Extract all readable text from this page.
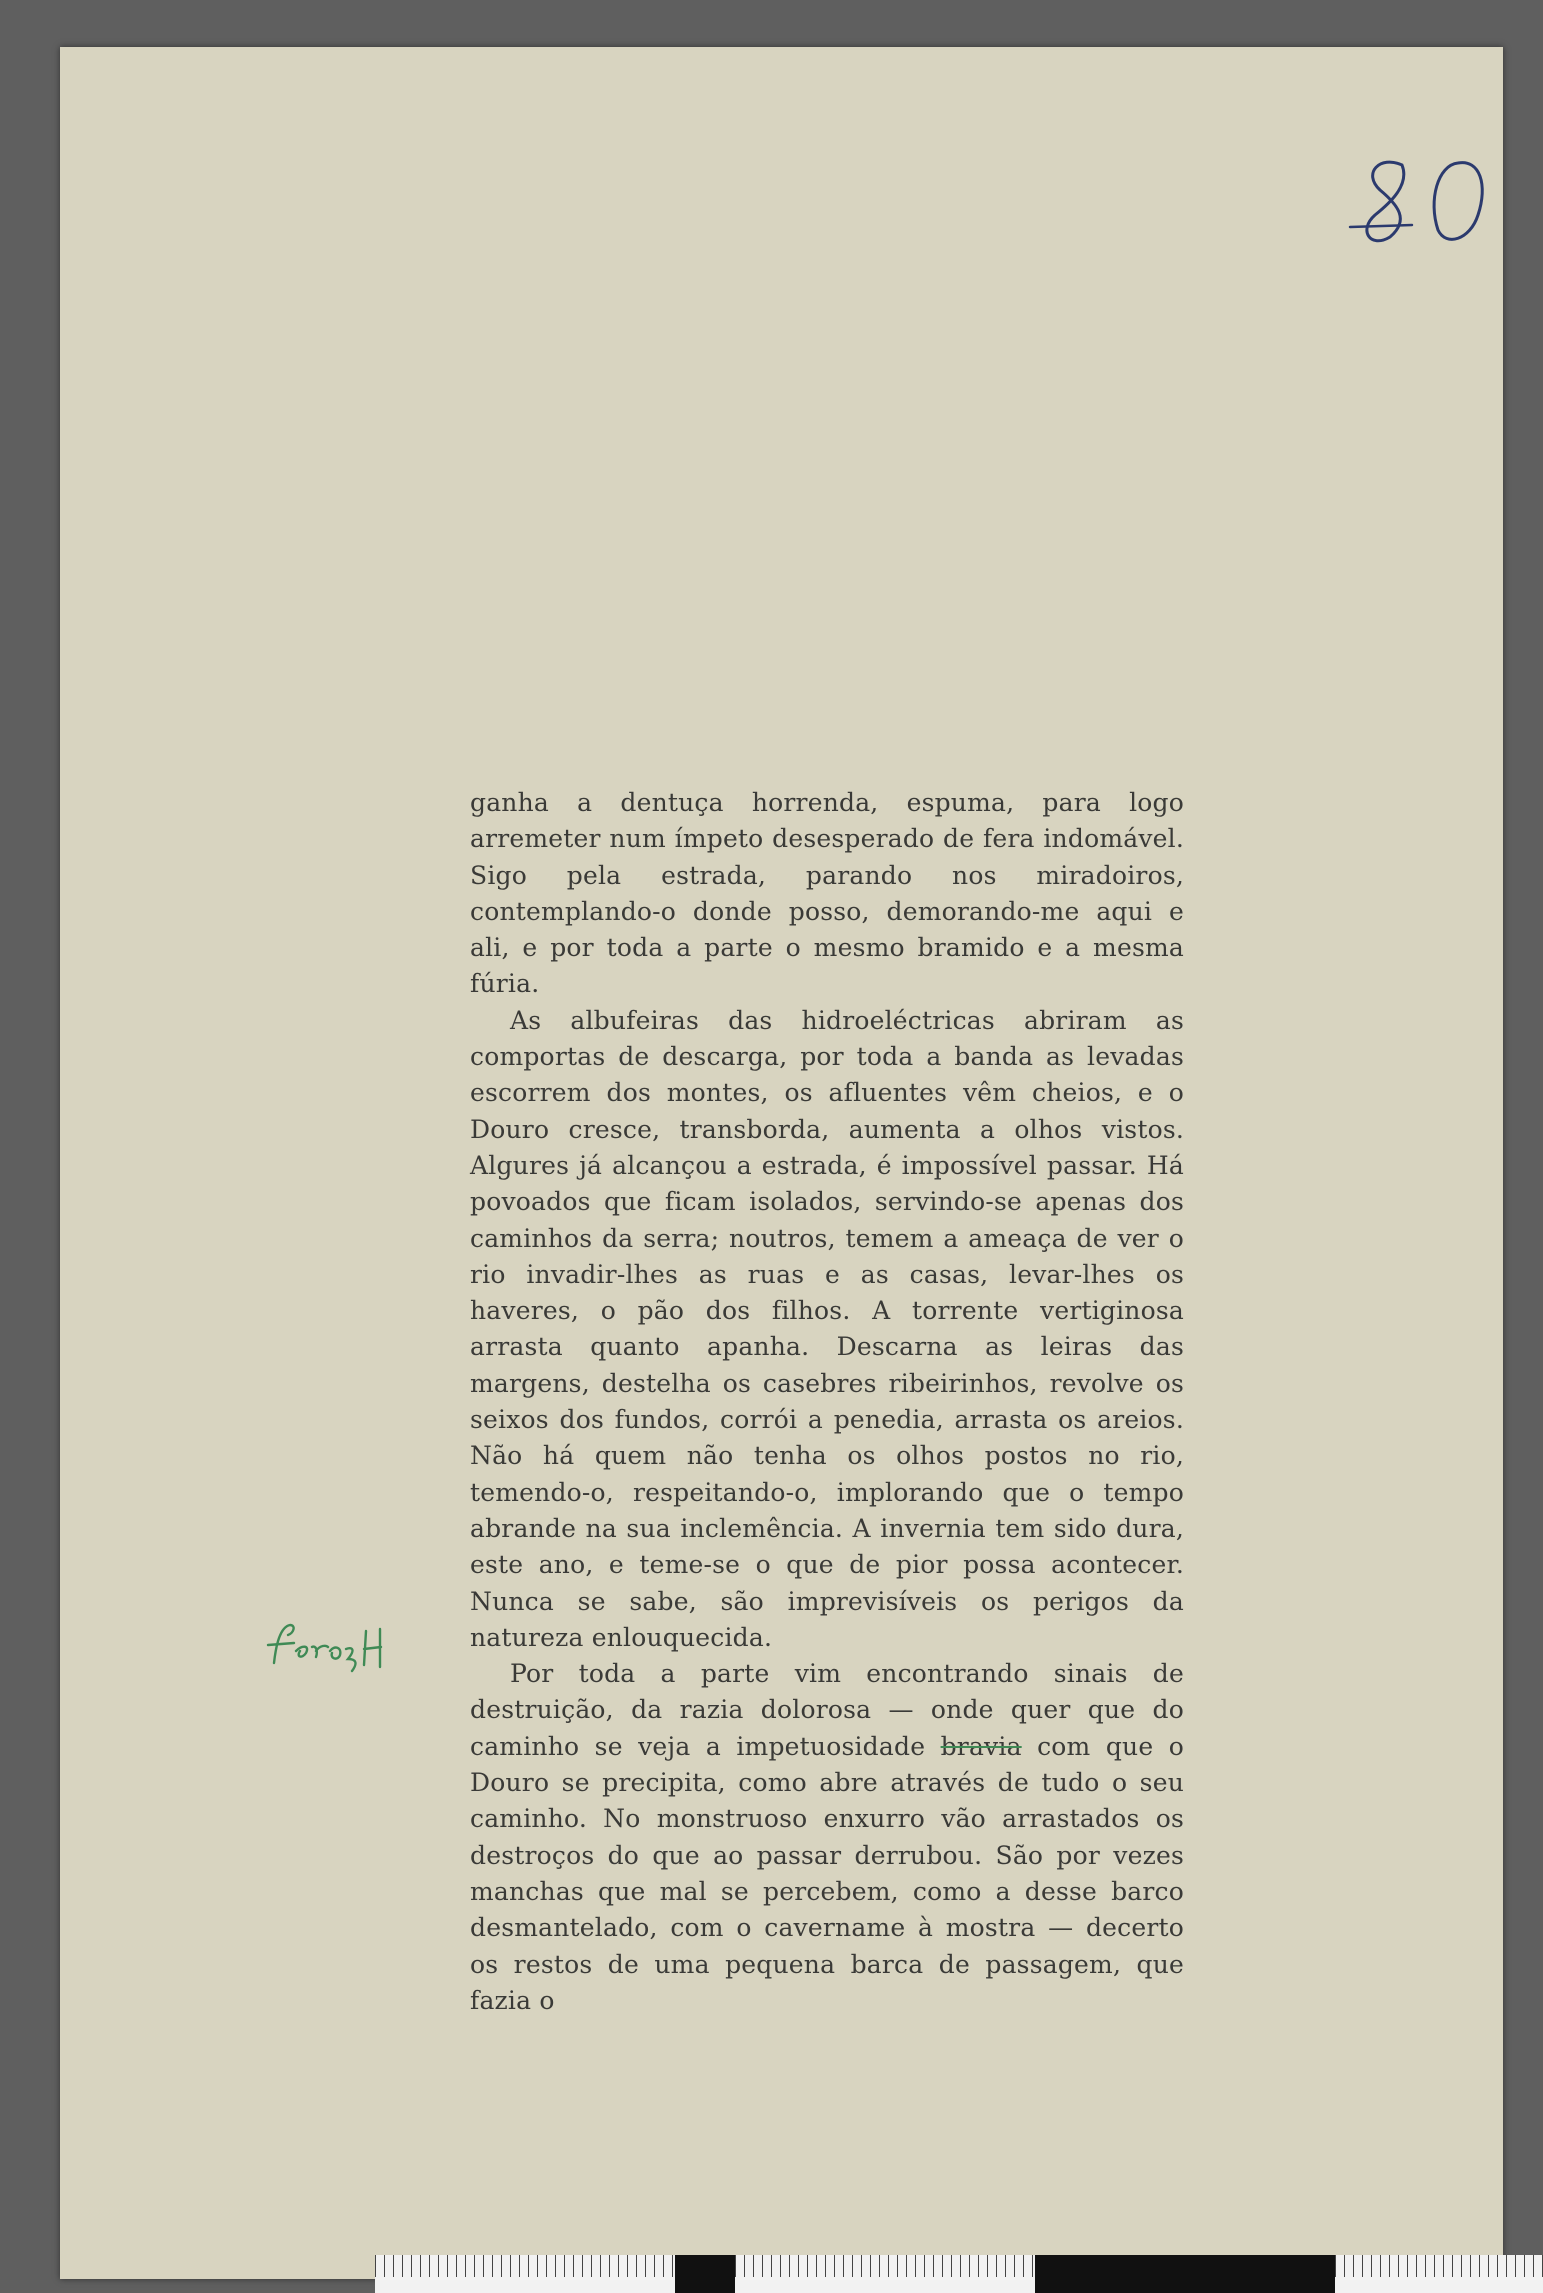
ganha a dentuça horrenda, espuma, para logo arremeter num ímpeto desesperado de fera indomável. Sigo pela estrada, parando nos miradoiros, contemplando-o donde posso, demorando-me aqui e ali, e por toda a parte o mesmo bramido e a mesma fúria.

As albufeiras das hidroeléctricas abriram as comportas de descarga, por toda a banda as levadas escorrem dos montes, os afluentes vêm cheios, e o Douro cresce, transborda, aumenta a olhos vistos. Algures já alcançou a estrada, é impossível passar. Há povoados que ficam isolados, servindo-se apenas dos caminhos da serra; noutros, temem a ameaça de ver o rio invadir-lhes as ruas e as casas, levar-lhes os haveres, o pão dos filhos. A torrente vertiginosa arrasta quanto apanha. Descarna as leiras das margens, destelha os casebres ribeirinhos, revolve os seixos dos fundos, corrói a penedia, arrasta os areios. Não há quem não tenha os olhos postos no rio, temendo-o, respeitando-o, implorando que o tempo abrande na sua inclemência. A invernia tem sido dura, este ano, e teme-se o que de pior possa acontecer. Nunca se sabe, são imprevisíveis os perigos da natureza enlouquecida.

Por toda a parte vim encontrando sinais de destruição, da razia dolorosa — onde quer que do caminho se veja a impetuosidade bravia com que o Douro se precipita, como abre através de tudo o seu caminho. No monstruoso enxurro vão arrastados os destroços do que ao passar derrubou. São por vezes manchas que mal se percebem, como a desse barco desmantelado, com o cavername à mostra — decerto os restos de uma pequena barca de passagem, que fazia o
